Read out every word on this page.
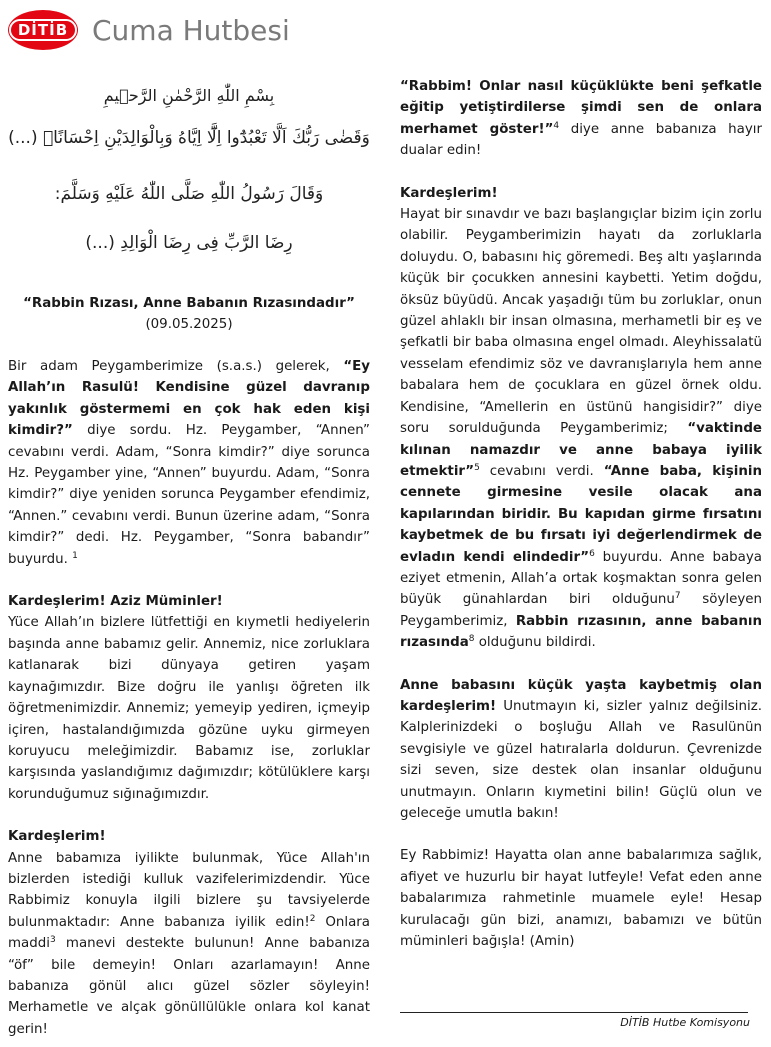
DİTİB Cuma Hutbesi
بِسْمِ اللّٰهِ الرَّحْمٰنِ الرَّح۪يمِ
وَقَضٰى رَبُّكَ اَلَّا تَعْبُدُٓوا اِلَّٓا اِيَّاهُ وَبِالْوَالِدَيْنِ اِحْسَانًاۜ (...)
وَقَالَ رَسُولُ اللّٰهِ صَلَّى اللّٰهُ عَلَيْهِ وَسَلَّمَ:
رِضَا الرَّبِّ فِى رِضَا الْوَالِدِ (...)
“Rabbin Rızası, Anne Babanın Rızasındadır”
(09.05.2025)

Bir adam Peygamberimize (s.a.s.) gelerek, “Ey Allah’ın Rasulü! Kendisine güzel davranıp yakınlık göstermemi en çok hak eden kişi kimdir?” diye sordu. Hz. Peygamber, “Annen” cevabını verdi. Adam, “Sonra kimdir?” diye sorunca Hz. Peygamber yine, “Annen” buyurdu. Adam, “Sonra kimdir?” diye yeniden sorunca Peygamber efendimiz, “Annen.” cevabını verdi. Bunun üzerine adam, “Sonra kimdir?” dedi. Hz. Peygamber, “Sonra babandır” buyurdu. $^1$

Kardeşlerim! Aziz Müminler!

Yüce Allah’ın bizlere lütfettiği en kıymetli hediyelerin başında anne babamız gelir. Annemiz, nice zorluklara katlanarak bizi dünyaya getiren yaşam kaynağımızdır. Bize doğru ile yanlışı öğreten ilk öğretmenimizdir. Annemiz; yemeyip yediren, içmeyip içiren, hastalandığımızda gözüne uyku girmeyen koruyucu meleğimizdir. Babamız ise, zorluklar karşısında yaslandığımız dağımızdır; kötülüklere karşı korunduğumuz sığınağımızdır.

Kardeşlerim!

Anne babamıza iyilikte bulunmak, Yüce Allah'ın bizlerden istediği kulluk vazifelerimizdendir. Yüce Rabbimiz konuyla ilgili bizlere şu tavsiyelerde bulunmaktadır: Anne babanıza iyilik edin!$^2$ Onlara maddi$^3$ manevi destekte bulunun! Anne babanıza “öf” bile demeyin! Onları azarlamayın! Anne babanıza gönül alıcı güzel sözler söyleyin! Merhametle ve alçak gönüllülükle onlara kol kanat gerin!

“Rabbim! Onlar nasıl küçüklükte beni şefkatle eğitip yetiştirdilerse şimdi sen de onlara merhamet göster!”$^4$ diye anne babanıza hayır dualar edin!

Kardeşlerim!

Hayat bir sınavdır ve bazı başlangıçlar bizim için zorlu olabilir. Peygamberimizin hayatı da zorluklarla doluydu. O, babasını hiç göremedi. Beş altı yaşlarında küçük bir çocukken annesini kaybetti. Yetim doğdu, öksüz büyüdü. Ancak yaşadığı tüm bu zorluklar, onun güzel ahlaklı bir insan olmasına, merhametli bir eş ve şefkatli bir baba olmasına engel olmadı. Aleyhissalatü vesselam efendimiz söz ve davranışlarıyla hem anne babalara hem de çocuklara en güzel örnek oldu. Kendisine, “Amellerin en üstünü hangisidir?” diye soru sorulduğunda Peygamberimiz; “vaktinde kılınan namazdır ve anne babaya iyilik etmektir”$^5$ cevabını verdi. “Anne baba, kişinin cennete girmesine vesile olacak ana kapılarından biridir. Bu kapıdan girme fırsatını kaybetmek de bu fırsatı iyi değerlendirmek de evladın kendi elindedir”$^6$ buyurdu. Anne babaya eziyet etmenin, Allah’a ortak koşmaktan sonra gelen büyük günahlardan biri olduğunu$^7$ söyleyen Peygamberimiz, Rabbin rızasının, anne babanın rızasında$^8$ olduğunu bildirdi.

Anne babasını küçük yaşta kaybetmiş olan kardeşlerim! Unutmayın ki, sizler yalnız değilsiniz. Kalplerinizdeki o boşluğu Allah ve Rasulünün sevgisiyle ve güzel hatıralarla doldurun. Çevrenizde sizi seven, size destek olan insanlar olduğunu unutmayın. Onların kıymetini bilin! Güçlü olun ve geleceğe umutla bakın!

Ey Rabbimiz! Hayatta olan anne babalarımıza sağlık, afiyet ve huzurlu bir hayat lutfeyle! Vefat eden anne babalarımıza rahmetinle muamele eyle! Hesap kurulacağı gün bizi, anamızı, babamızı ve bütün müminleri bağışla! (Amin)

DİTİB Hutbe Komisyonu
